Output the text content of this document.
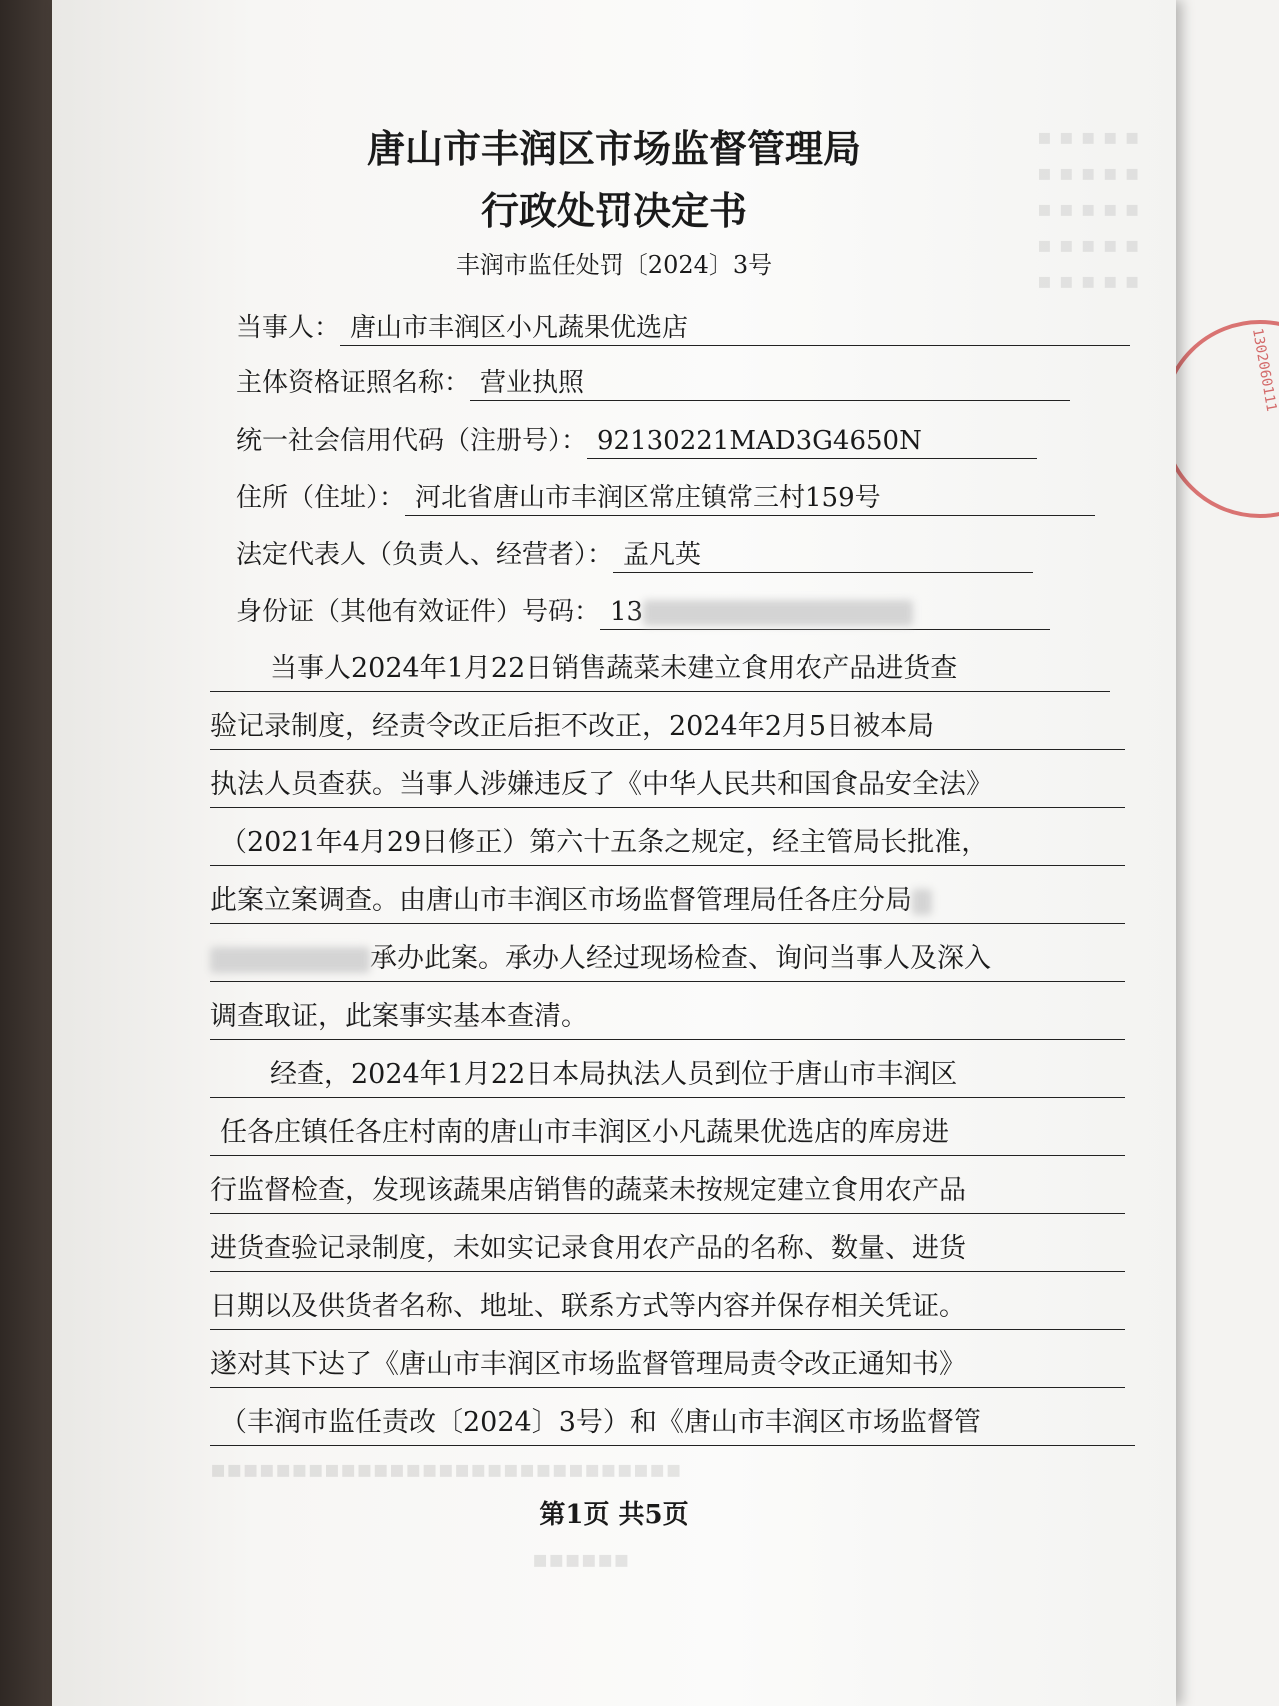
1302060111
▪ ▪ ▪ ▪ ▪
▪ ▪ ▪ ▪ ▪
▪ ▪ ▪ ▪ ▪
▪ ▪ ▪ ▪ ▪
▪ ▪ ▪ ▪ ▪
唐山市丰润区市场监督管理局
行政处罚决定书
丰润市监任处罚〔2024〕3号
当事人： 唐山市丰润区小凡蔬果优选店
主体资格证照名称： 营业执照
统一社会信用代码（注册号）： 92130221MAD3G4650N
住所（住址）： 河北省唐山市丰润区常庄镇常三村159号
法定代表人（负责人、经营者）： 孟凡英
身份证（其他有效证件）号码： 13
当事人2024年1月22日销售蔬菜未建立食用农产品进货查
验记录制度，经责令改正后拒不改正，2024年2月5日被本局
执法人员查获。当事人涉嫌违反了《中华人民共和国食品安全法》
（2021年4月29日修正）第六十五条之规定，经主管局长批准，
此案立案调查。由唐山市丰润区市场监督管理局任各庄分局
承办此案。承办人经过现场检查、询问当事人及深入
调查取证，此案事实基本查清。
经查，2024年1月22日本局执法人员到位于唐山市丰润区
任各庄镇任各庄村南的唐山市丰润区小凡蔬果优选店的库房进
行监督检查，发现该蔬果店销售的蔬菜未按规定建立食用农产品
进货查验记录制度，未如实记录食用农产品的名称、数量、进货
日期以及供货者名称、地址、联系方式等内容并保存相关凭证。
遂对其下达了《唐山市丰润区市场监督管理局责令改正通知书》
（丰润市监任责改〔2024〕3号）和《唐山市丰润区市场监督管
第1页 共5页
▪▪▪▪▪▪▪▪▪▪▪▪▪▪▪▪▪▪▪▪▪▪▪▪▪▪▪▪▪
▪▪▪▪▪▪
